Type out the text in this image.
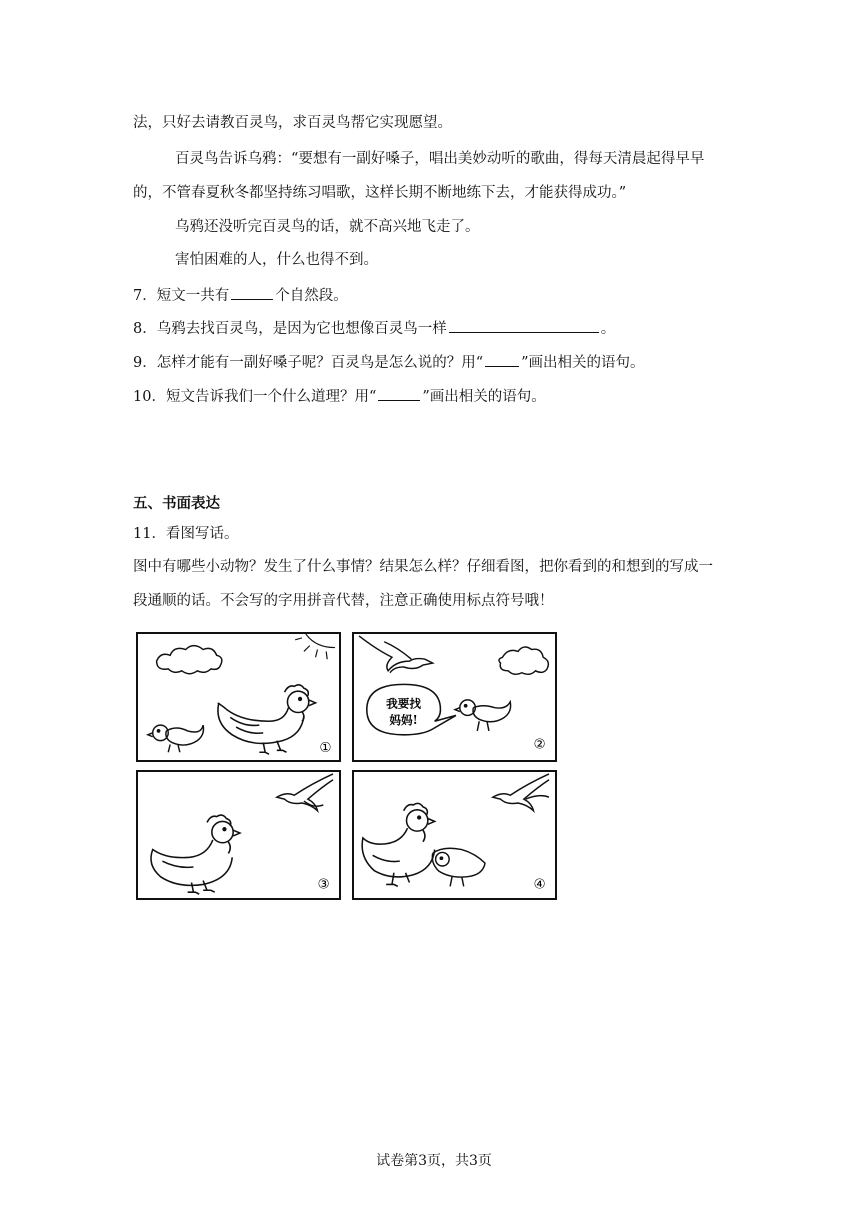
法，只好去请教百灵鸟，求百灵鸟帮它实现愿望。
百灵鸟告诉乌鸦：“要想有一副好嗓子，唱出美妙动听的歌曲，得每天清晨起得早早
的，不管春夏秋冬都坚持练习唱歌，这样长期不断地练下去，才能获得成功。”
乌鸦还没听完百灵鸟的话，就不高兴地飞走了。
害怕困难的人，什么也得不到。
7．短文一共有	个自然段。
8．乌鸦去找百灵鸟，是因为它也想像百灵鸟一样	。
9．怎样才能有一副好嗓子呢？百灵鸟是怎么说的？用“	”画出相关的语句。
10．短文告诉我们一个什么道理？用“	”画出相关的语句。
五、书面表达
11．看图写话。
图中有哪些小动物？发生了什么事情？结果怎么样？仔细看图，把你看到的和想到的写成一
段通顺的话。不会写的字用拼音代替，注意正确使用标点符号哦！
①
我要找
妈妈!
②
③	④
试卷第3页，共3页
